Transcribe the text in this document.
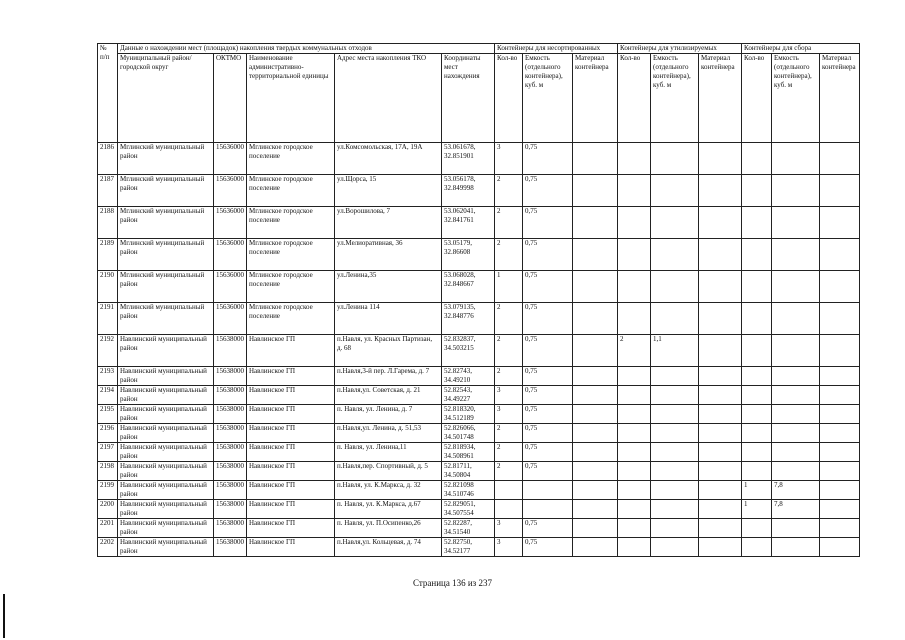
№
п/п	Данные о нахождении мест (площадок) накопления твердых коммунальных отходов					Контейнеры для несортированных			Контейнеры для утилизируемых			Контейнеры для сбора		
	Муниципальный район/городской округ	ОКТМО	Наименование административно-территориальной единицы	Адрес места накопления ТКО	Координаты мест нахождения	Кол-во	Емкость (отдельного контейнера), куб. м	Материал контейнера	Кол-во	Емкость (отдельного контейнера), куб. м	Материал контейнера	Кол-во	Емкость (отдельного контейнера), куб. м	Материал контейнера
2186	Мглинский муниципальный район	15636000	Мглинское городское поселение	ул.Комсомольская, 17А, 19А	53.061678, 32.851901	3	0,75							
2187	Мглинский муниципальный район	15636000	Мглинское городское поселение	ул.Щорса, 15	53.056178, 32.849998	2	0,75							
2188	Мглинский муниципальный район	15636000	Мглинское городское поселение	ул.Ворошилова, 7	53.062041, 32.841761	2	0,75							
2189	Мглинский муниципальный район	15636000	Мглинское городское поселение	ул.Мелиоративная, 36	53.05179, 32.86608	2	0,75							
2190	Мглинский муниципальный район	15636000	Мглинское городское поселение	ул.Ленина,35	53.068028, 32.848667	1	0,75							
2191	Мглинский муниципальный район	15636000	Мглинское городское поселение	ул.Ленина 114	53.079135, 32.848776	2	0,75							
2192	Навлинский муниципальный район	15638000	Навлинское ГП	п.Навля, ул. Красных Партизан, д. 68	52.832837, 34.503215	2	0,75		2	1,1				
2193	Навлинский муниципальный район	15638000	Навлинское ГП	п.Навля,3-й пер. Л.Гарема, д. 7	52.82743, 34.49210	2	0,75							
2194	Навлинский муниципальный район	15638000	Навлинское ГП	п.Навля,ул. Советская, д. 21	52.82543, 34.49227	3	0,75							
2195	Навлинский муниципальный район	15638000	Навлинское ГП	п. Навля, ул. Ленина, д. 7	52.818320, 34.512189	3	0,75							
2196	Навлинский муниципальный район	15638000	Навлинское ГП	п.Навля,ул. Ленина, д. 51,53	52.826066, 34.501748	2	0,75							
2197	Навлинский муниципальный район	15638000	Навлинское ГП	п. Навля, ул. Ленина,11	52.818934, 34.508961	2	0,75							
2198	Навлинский муниципальный район	15638000	Навлинское ГП	п.Навля,пер. Спортивный, д. 5	52.81711, 34.50804	2	0,75							
2199	Навлинский муниципальный район	15638000	Навлинское ГП	п.Навля, ул. К.Маркса, д. 32	52.821098 34.510746							1	7,8	
2200	Навлинский муниципальный район	15638000	Навлинское ГП	п. Навля, ул. К.Маркса, д.67	52.829051, 34.507554							1	7,8	
2201	Навлинский муниципальный район	15638000	Навлинское ГП	п. Навля, ул. П.Осипенко,26	52.82287, 34.51540	3	0,75							
2202	Навлинский муниципальный район	15638000	Навлинское ГП	п.Навля,ул. Кольцевая, д. 74	52.82750, 34.52177	3	0,75							
Страница 136 из 237
